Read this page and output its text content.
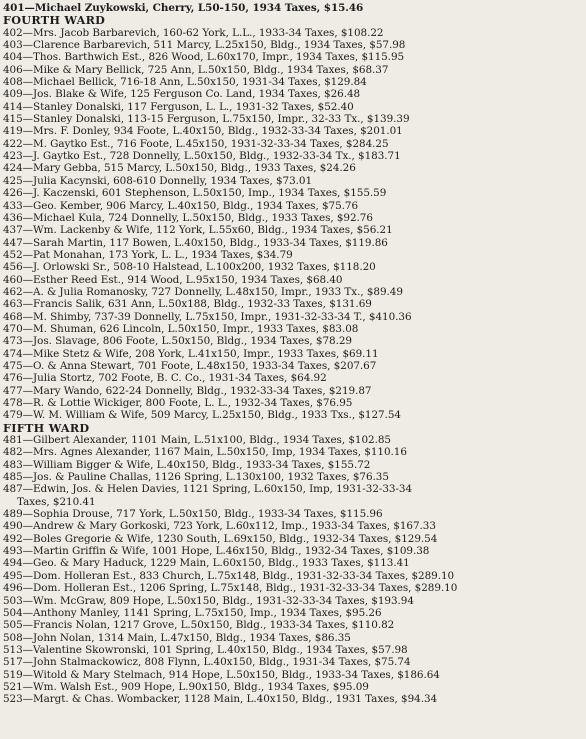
401—Michael Zuykowski, Cherry, L50-150, 1934 Taxes, $15.46
FOURTH WARD
402—Mrs. Jacob Barbarevich, 160-62 York, L.L., 1933-34 Taxes, $108.22
403—Clarence Barbarevich, 511 Marcy, L.25x150, Bldg., 1934 Taxes, $57.98
404—Thos. Barthwich Est., 826 Wood, L.60x170, Impr., 1934 Taxes, $115.95
406—Mike & Mary Bellick, 725 Ann, L.50x150, Bldg., 1934 Taxes, $68.37
408—Michael Bellick, 716-18 Ann, L.50x150, 1931-34 Taxes, $129.84
409—Jos. Blake & Wife, 125 Ferguson Co. Land, 1934 Taxes, $26.48
414—Stanley Donalski, 117 Ferguson, L. L., 1931-32 Taxes, $52.40
415—Stanley Donalski, 113-15 Ferguson, L.75x150, Impr., 32-33 Tx., $139.39
419—Mrs. F. Donley, 934 Foote, L.40x150, Bldg., 1932-33-34 Taxes, $201.01
422—M. Gaytko Est., 716 Foote, L.45x150, 1931-32-33-34 Taxes, $284.25
423—J. Gaytko Est., 728 Donnelly, L.50x150, Bldg., 1932-33-34 Tx., $183.71
424—Mary Gebba, 515 Marcy, L.50x150, Bldg., 1933 Taxes, $24.26
425—Julia Kacynski, 608-610 Donnelly, 1934 Taxes, $73.01
426—J. Kaczenski, 601 Stephenson, L.50x150, Imp., 1934 Taxes, $155.59
433—Geo. Kember, 906 Marcy, L.40x150, Bldg., 1934 Taxes, $75.76
436—Michael Kula, 724 Donnelly, L.50x150, Bldg., 1933 Taxes, $92.76
437—Wm. Lackenby & Wife, 112 York, L.55x60, Bldg., 1934 Taxes, $56.21
447—Sarah Martin, 117 Bowen, L.40x150, Bldg., 1933-34 Taxes, $119.86
452—Pat Monahan, 173 York, L. L., 1934 Taxes, $34.79
456—J. Orlowski Sr., 508-10 Halstead, L.100x200, 1932 Taxes, $118.20
460—Esther Reed Est., 914 Wood, L.95x150, 1934 Taxes, $68.40
462—A. & Julia Romanosky, 727 Donnelly, L.48x150, Impr., 1933 Tx., $89.49
463—Francis Salik, 631 Ann, L.50x188, Bldg., 1932-33 Taxes, $131.69
468—M. Shimby, 737-39 Donnelly, L.75x150, Impr., 1931-32-33-34 T., $410.36
470—M. Shuman, 626 Lincoln, L.50x150, Impr., 1933 Taxes, $83.08
473—Jos. Slavage, 806 Foote, L.50x150, Bldg., 1934 Taxes, $78.29
474—Mike Stetz & Wife, 208 York, L.41x150, Impr., 1933 Taxes, $69.11
475—O. & Anna Stewart, 701 Foote, L.48x150, 1933-34 Taxes, $207.67
476—Julia Stortz, 702 Foote, B. C. Co., 1931-34 Taxes, $64.92
477—Mary Wando, 622-24 Donnelly, Bldg., 1932-33-34 Taxes, $219.87
478—R. & Lottie Wickiger, 800 Foote, L. L., 1932-34 Taxes, $76.95
479—W. M. William & Wife, 509 Marcy, L.25x150, Bldg., 1933 Txs., $127.54
FIFTH WARD
481—Gilbert Alexander, 1101 Main, L.51x100, Bldg., 1934 Taxes, $102.85
482—Mrs. Agnes Alexander, 1167 Main, L.50x150, Imp, 1934 Taxes, $110.16
483—William Bigger & Wife, L.40x150, Bldg., 1933-34 Taxes, $155.72
485—Jos. & Pauline Challas, 1126 Spring, L.130x100, 1932 Taxes, $76.35
487—Edwin, Jos. & Helen Davies, 1121 Spring, L.60x150, Imp, 1931-32-33-34
Taxes, $210.41
489—Sophia Drouse, 717 York, L.50x150, Bldg., 1933-34 Taxes, $115.96
490—Andrew & Mary Gorkoski, 723 York, L.60x112, Imp., 1933-34 Taxes, $167.33
492—Boles Gregorie & Wife, 1230 South, L.69x150, Bldg., 1932-34 Taxes, $129.54
493—Martin Griffin & Wife, 1001 Hope, L.46x150, Bldg., 1932-34 Taxes, $109.38
494—Geo. & Mary Haduck, 1229 Main, L.60x150, Bldg., 1933 Taxes, $113.41
495—Dom. Holleran Est., 833 Church, L.75x148, Bldg., 1931-32-33-34 Taxes, $289.10
496—Dom. Holleran Est., 1206 Spring, L.75x148, Bldg., 1931-32-33-34 Taxes, $289.10
503—Wm. McGraw, 809 Hope, L.50x150, Bldg., 1931-32-33-34 Taxes, $193.94
504—Anthony Manley, 1141 Spring, L.75x150, Imp., 1934 Taxes, $95.26
505—Francis Nolan, 1217 Grove, L.50x150, Bldg., 1933-34 Taxes, $110.82
508—John Nolan, 1314 Main, L.47x150, Bldg., 1934 Taxes, $86.35
513—Valentine Skowronski, 101 Spring, L.40x150, Bldg., 1934 Taxes, $57.98
517—John Stalmackowicz, 808 Flynn, L.40x150, Bldg., 1931-34 Taxes, $75.74
519—Witold & Mary Stelmach, 914 Hope, L.50x150, Bldg., 1933-34 Taxes, $186.64
521—Wm. Walsh Est., 909 Hope, L.90x150, Bldg., 1934 Taxes, $95.09
523—Margt. & Chas. Wombacker, 1128 Main, L.40x150, Bldg., 1931 Taxes, $94.34
